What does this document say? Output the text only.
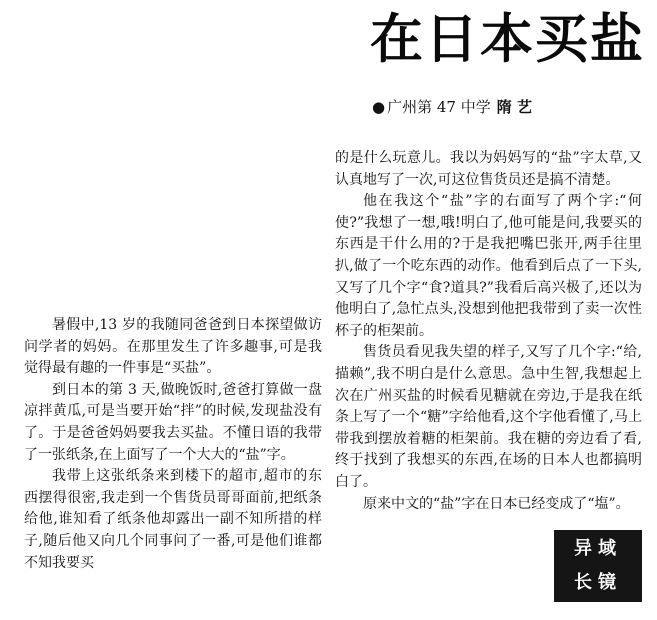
在日本买盐
● 广州第 47 中学 隋 艺

暑假中,13 岁的我随同爸爸到日本探望做访问学者的妈妈。在那里发生了许多趣事,可是我觉得最有趣的一件事是“买盐”。

到日本的第 3 天,做晚饭时,爸爸打算做一盘凉拌黄瓜,可是当要开始“拌”的时候,发现盐没有了。于是爸爸妈妈要我去买盐。不懂日语的我带了一张纸条,在上面写了一个大大的“盐”字。

我带上这张纸条来到楼下的超市,超市的东西摆得很密,我走到一个售货员哥哥面前,把纸条给他,谁知看了纸条他却露出一副不知所措的样子,随后他又向几个同事问了一番,可是他们谁都不知我要买

的是什么玩意儿。我以为妈妈写的“盐”字太草,又认真地写了一次,可这位售货员还是搞不清楚。

他在我这个“盐”字的右面写了两个字:“何使?”我想了一想,哦!明白了,他可能是问,我要买的东西是干什么用的?于是我把嘴巴张开,两手往里扒,做了一个吃东西的动作。他看到后点了一下头,又写了几个字“食?道具?”我看后高兴极了,还以为他明白了,急忙点头,没想到他把我带到了卖一次性杯子的柜架前。

售货员看见我失望的样子,又写了几个字:“给,描赖”,我不明白是什么意思。急中生智,我想起上次在广州买盐的时候看见糖就在旁边,于是我在纸条上写了一个“糖”字给他看,这个字他看懂了,马上带我到摆放着糖的柜架前。我在糖的旁边看了看,终于找到了我想买的东西,在场的日本人也都搞明白了。

原来中文的“盐”字在日本已经变成了“塩”。

异域
长镜
